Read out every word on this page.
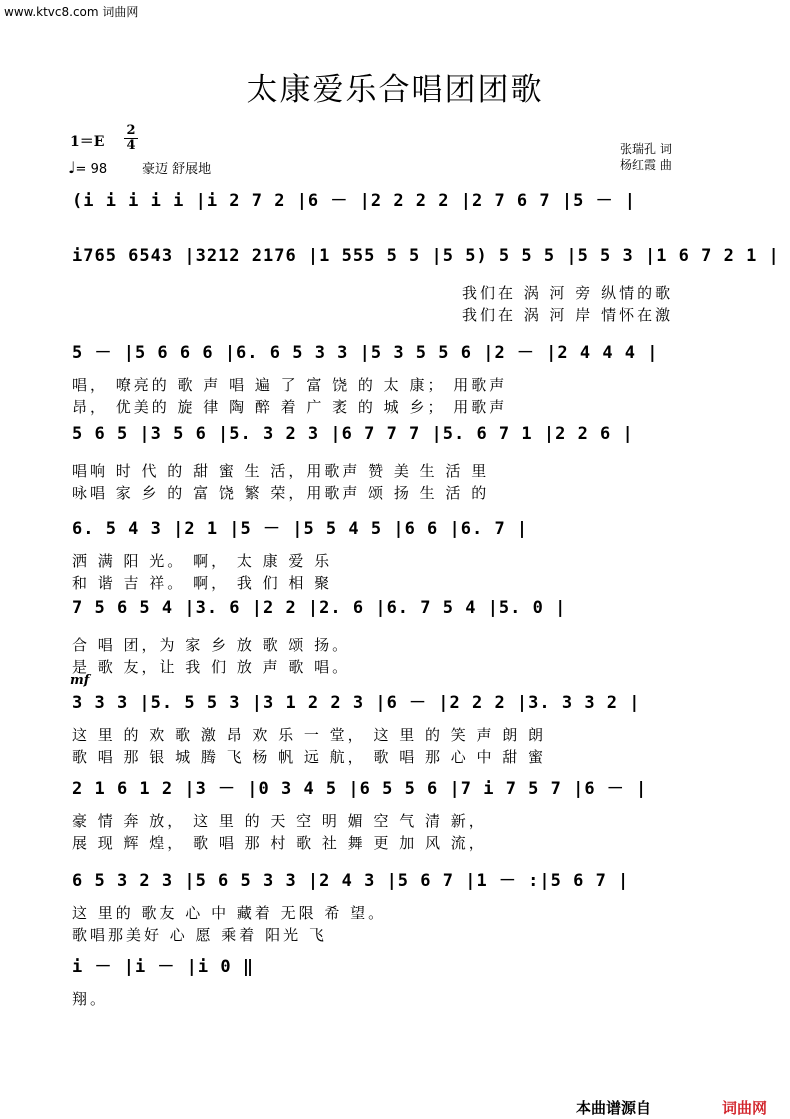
www.ktvc8.com 词曲网
太康爱乐合唱团团歌
1＝E
2
4
♩= 98	豪迈 舒展地
张瑞孔 词
杨红霞 曲
mf
(i i i i i |i 2 7 2 |6 － |2 2 2 2 |2 7 6 7 |5 － |
i765 6543 |3212 2176 |1 555 5 5 |5 5) 5 5 5 |5 5 3 |1 6 7 2 1 |
我们在 涡 河 旁 纵情的歌
我们在 涡 河 岸 情怀在激
5 － |5 6 6 6 |6. 6 5 3 3 |5 3 5 5 6 |2 － |2 4 4 4 |
唱， 嘹亮的 歌 声 唱 遍 了 富 饶 的 太 康； 用歌声
昂， 优美的 旋 律 陶 醉 着 广 袤 的 城 乡； 用歌声
5 6 5 |3 5 6 |5. 3 2 3 |6 7 7 7 |5. 6 7 1 |2 2 6 |
唱响 时 代 的 甜 蜜 生 活，用歌声 赞 美 生 活 里
咏唱 家 乡 的 富 饶 繁 荣，用歌声 颂 扬 生 活 的
6. 5 4 3 |2 1 |5 － |5 5 4 5 |6 6 |6. 7 |
洒 满 阳 光。 啊， 太 康 爱 乐
和 谐 吉 祥。 啊， 我 们 相 聚
7 5 6 5 4 |3. 6 |2 2 |2. 6 |6. 7 5 4 |5. 0 |
合 唱 团，为 家 乡 放 歌 颂 扬。
是 歌 友，让 我 们 放 声 歌 唱。
3 3 3 |5. 5 5 3 |3 1 2 2 3 |6 － |2 2 2 |3. 3 3 2 |
这 里 的 欢 歌 激 昂 欢 乐 一 堂， 这 里 的 笑 声 朗 朗
歌 唱 那 银 城 腾 飞 杨 帆 远 航， 歌 唱 那 心 中 甜 蜜
2 1 6 1 2 |3 － |0 3 4 5 |6 5 5 6 |7 i 7 5 7 |6 － |
豪 情 奔 放， 这 里 的 天 空 明 媚 空 气 清 新，
展 现 辉 煌， 歌 唱 那 村 歌 社 舞 更 加 风 流，
6 5 3 2 3 |5 6 5 3 3 |2 4 3 |5 6 7 |1 － :|5 6 7 |
这 里的 歌友 心 中 藏着 无限 希 望。
歌唱那美好 心 愿 乘着 阳光 飞
i － |i － |i 0 ‖
翔。
本曲谱源自	词曲网
